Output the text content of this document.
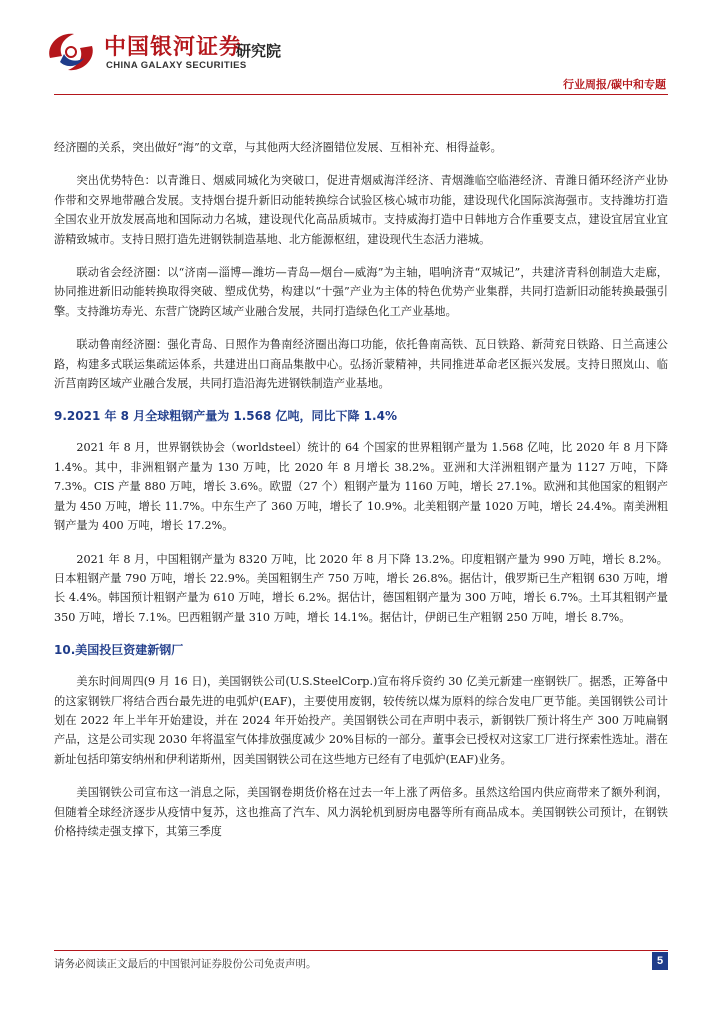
中国银河证券
研究院
CHINA GALAXY SECURITIES
行业周报/碳中和专题

经济圈的关系，突出做好“海”的文章，与其他两大经济圈错位发展、互相补充、相得益彰。

突出优势特色：以青潍日、烟威同城化为突破口，促进青烟威海洋经济、青烟潍临空临港经济、青潍日循环经济产业协作带和交界地带融合发展。支持烟台提升新旧动能转换综合试验区核心城市功能，建设现代化国际滨海强市。支持潍坊打造全国农业开放发展高地和国际动力名城，建设现代化高品质城市。支持威海打造中日韩地方合作重要支点，建设宜居宜业宜游精致城市。支持日照打造先进钢铁制造基地、北方能源枢纽，建设现代生态活力港城。

联动省会经济圈：以“济南—淄博—潍坊—青岛—烟台—威海”为主轴，唱响济青“双城记”，共建济青科创制造大走廊，协同推进新旧动能转换取得突破、塑成优势，构建以“十强”产业为主体的特色优势产业集群，共同打造新旧动能转换最强引擎。支持潍坊寿光、东营广饶跨区域产业融合发展，共同打造绿色化工产业基地。

联动鲁南经济圈：强化青岛、日照作为鲁南经济圈出海口功能，依托鲁南高铁、瓦日铁路、新菏兖日铁路、日兰高速公路，构建多式联运集疏运体系，共建进出口商品集散中心。弘扬沂蒙精神，共同推进革命老区振兴发展。支持日照岚山、临沂莒南跨区域产业融合发展，共同打造沿海先进钢铁制造产业基地。

9.2021 年 8 月全球粗钢产量为 1.568 亿吨，同比下降 1.4%

2021 年 8 月，世界钢铁协会（worldsteel）统计的 64 个国家的世界粗钢产量为 1.568 亿吨，比 2020 年 8 月下降 1.4%。其中，非洲粗钢产量为 130 万吨，比 2020 年 8 月增长 38.2%。亚洲和大洋洲粗钢产量为 1127 万吨，下降 7.3%。CIS 产量 880 万吨，增长 3.6%。欧盟（27 个）粗钢产量为 1160 万吨，增长 27.1%。欧洲和其他国家的粗钢产量为 450 万吨，增长 11.7%。中东生产了 360 万吨，增长了 10.9%。北美粗钢产量 1020 万吨，增长 24.4%。南美洲粗钢产量为 400 万吨，增长 17.2%。

2021 年 8 月，中国粗钢产量为 8320 万吨，比 2020 年 8 月下降 13.2%。印度粗钢产量为 990 万吨，增长 8.2%。日本粗钢产量 790 万吨，增长 22.9%。美国粗钢生产 750 万吨，增长 26.8%。据估计，俄罗斯已生产粗钢 630 万吨，增长 4.4%。韩国预计粗钢产量为 610 万吨，增长 6.2%。据估计，德国粗钢产量为 300 万吨，增长 6.7%。土耳其粗钢产量 350 万吨，增长 7.1%。巴西粗钢产量 310 万吨，增长 14.1%。据估计，伊朗已生产粗钢 250 万吨，增长 8.7%。

10.美国投巨资建新钢厂

美东时间周四(9 月 16 日)，美国钢铁公司(U.S.SteelCorp.)宣布将斥资约 30 亿美元新建一座钢铁厂。据悉，正筹备中的这家钢铁厂将结合西台最先进的电弧炉(EAF)，主要使用废钢，较传统以煤为原料的综合发电厂更节能。美国钢铁公司计划在 2022 年上半年开始建设，并在 2024 年开始投产。美国钢铁公司在声明中表示，新钢铁厂预计将生产 300 万吨扁钢产品，这是公司实现 2030 年将温室气体排放强度减少 20%目标的一部分。董事会已授权对这家工厂进行探索性选址。潜在新址包括印第安纳州和伊利诺斯州，因美国钢铁公司在这些地方已经有了电弧炉(EAF)业务。

美国钢铁公司宣布这一消息之际，美国钢卷期货价格在过去一年上涨了两倍多。虽然这给国内供应商带来了额外利润，但随着全球经济逐步从疫情中复苏，这也推高了汽车、风力涡轮机到厨房电器等所有商品成本。美国钢铁公司预计，在钢铁价格持续走强支撑下，其第三季度

请务必阅读正文最后的中国银河证券股份公司免责声明。	5
